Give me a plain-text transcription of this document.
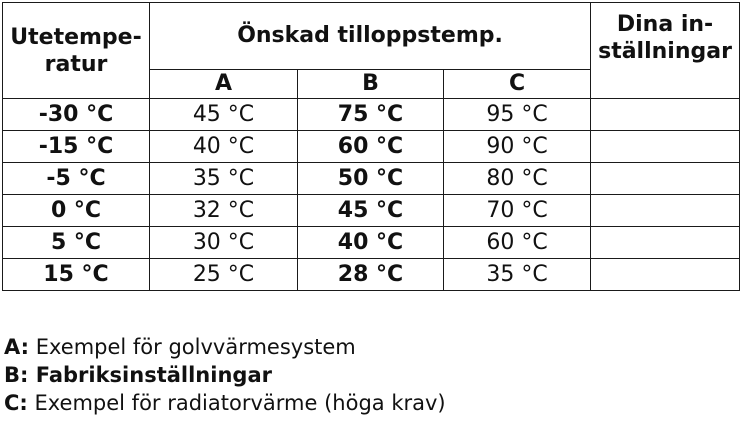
Utetempe-
ratur	Önskad tilloppstemp.			Dina in-
ställningar

	A	B	C	
-30 °C	45 °C	75 °C	95 °C	
-15 °C	40 °C	60 °C	90 °C	
-5 °C	35 °C	50 °C	80 °C	
0 °C	32 °C	45 °C	70 °C	
5 °C	30 °C	40 °C	60 °C	
15 °C	25 °C	28 °C	35 °C	
A: Exempel för golvvärmesystem
B: Fabriksinställningar
C: Exempel för radiatorvärme (höga krav)
